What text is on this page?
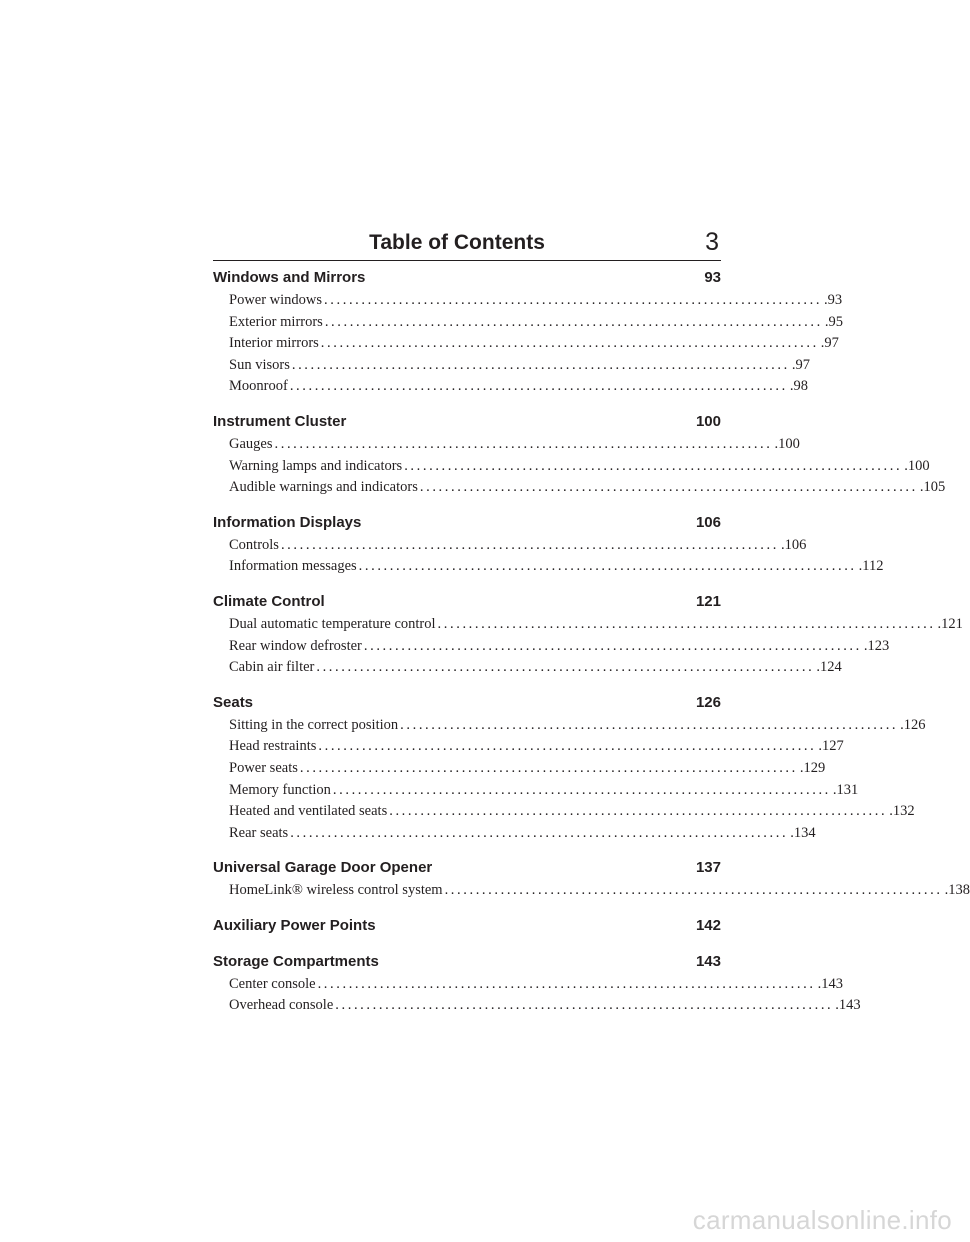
Table of Contents	3
Windows and Mirrors	93
Power windows ................................................................................ .93
Exterior mirrors ................................................................................ .95
Interior mirrors ................................................................................ .97
Sun visors ................................................................................ .97
Moonroof ................................................................................ .98
Instrument Cluster	100
Gauges ................................................................................ .100
Warning lamps and indicators ................................................................................ .100
Audible warnings and indicators ................................................................................ .105
Information Displays	106
Controls ................................................................................ .106
Information messages ................................................................................ .112
Climate Control	121
Dual automatic temperature control ................................................................................ .121
Rear window defroster ................................................................................ .123
Cabin air filter ................................................................................ .124
Seats	126
Sitting in the correct position ................................................................................ .126
Head restraints ................................................................................ .127
Power seats ................................................................................ .129
Memory function ................................................................................ .131
Heated and ventilated seats ................................................................................ .132
Rear seats ................................................................................ .134
Universal Garage Door Opener	137
HomeLink® wireless control system ................................................................................ .138
Auxiliary Power Points	142
Storage Compartments	143
Center console ................................................................................ .143
Overhead console ................................................................................ .143
carmanualsonline.info
